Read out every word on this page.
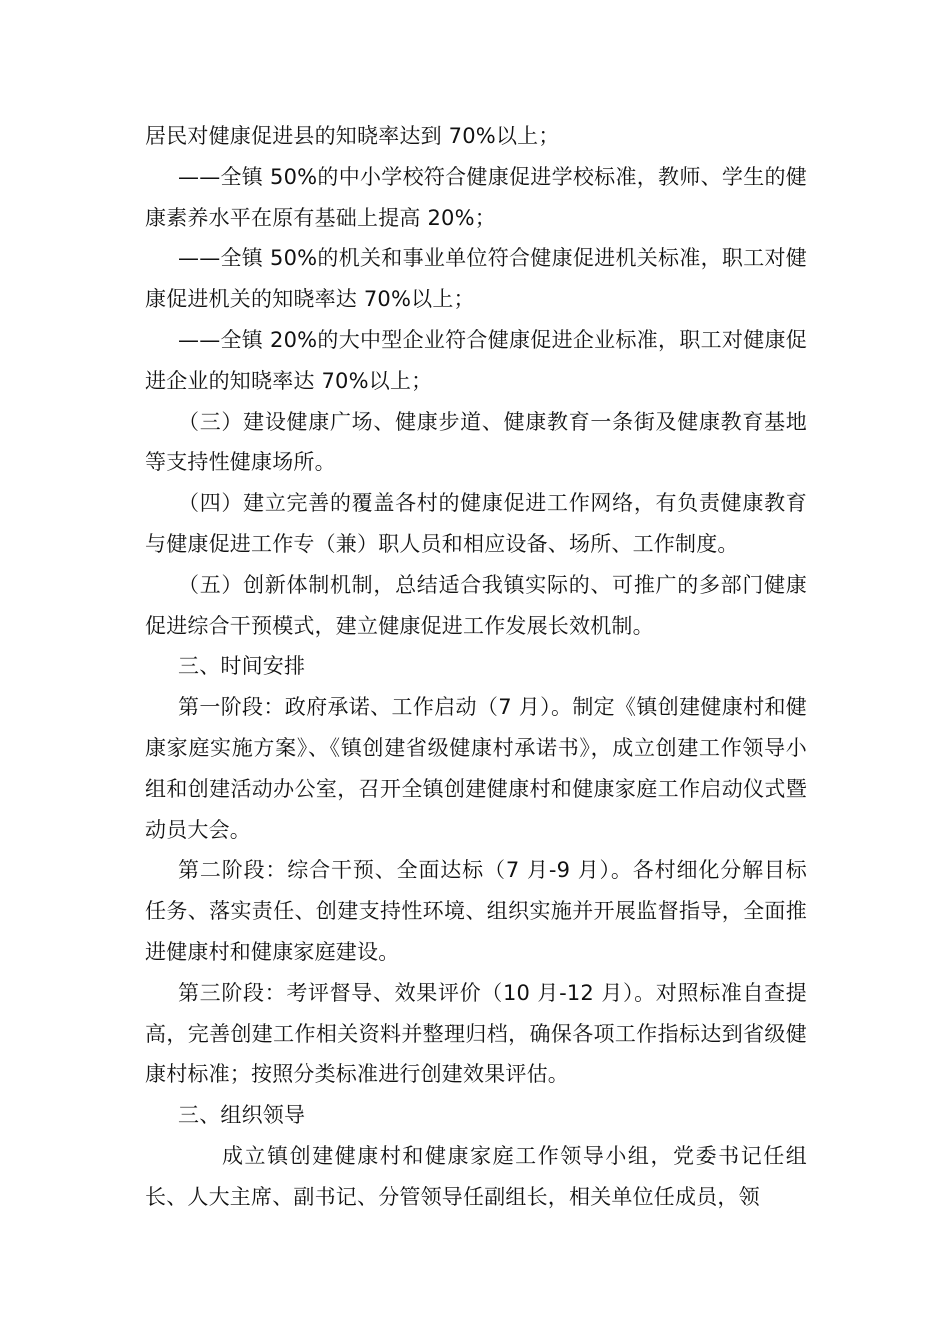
居民对健康促进县的知晓率达到 70%以上；

——全镇 50%的中小学校符合健康促进学校标准，教师、学生的健康素养水平在原有基础上提高 20%；

——全镇 50%的机关和事业单位符合健康促进机关标准，职工对健康促进机关的知晓率达 70%以上；

——全镇 20%的大中型企业符合健康促进企业标准，职工对健康促进企业的知晓率达 70%以上；

（三）建设健康广场、健康步道、健康教育一条街及健康教育基地等支持性健康场所。

（四）建立完善的覆盖各村的健康促进工作网络，有负责健康教育与健康促进工作专（兼）职人员和相应设备、场所、工作制度。

（五）创新体制机制，总结适合我镇实际的、可推广的多部门健康促进综合干预模式，建立健康促进工作发展长效机制。

三、时间安排

第一阶段：政府承诺、工作启动（7 月）。制定《镇创建健康村和健康家庭实施方案》、《镇创建省级健康村承诺书》，成立创建工作领导小组和创建活动办公室，召开全镇创建健康村和健康家庭工作启动仪式暨动员大会。

第二阶段：综合干预、全面达标（7 月-9 月）。各村细化分解目标任务、落实责任、创建支持性环境、组织实施并开展监督指导，全面推进健康村和健康家庭建设。

第三阶段：考评督导、效果评价（10 月-12 月）。对照标准自查提高，完善创建工作相关资料并整理归档，确保各项工作指标达到省级健康村标准；按照分类标准进行创建效果评估。

三、组织领导

成立镇创建健康村和健康家庭工作领导小组，党委书记任组长、人大主席、副书记、分管领导任副组长，相关单位任成员，领
